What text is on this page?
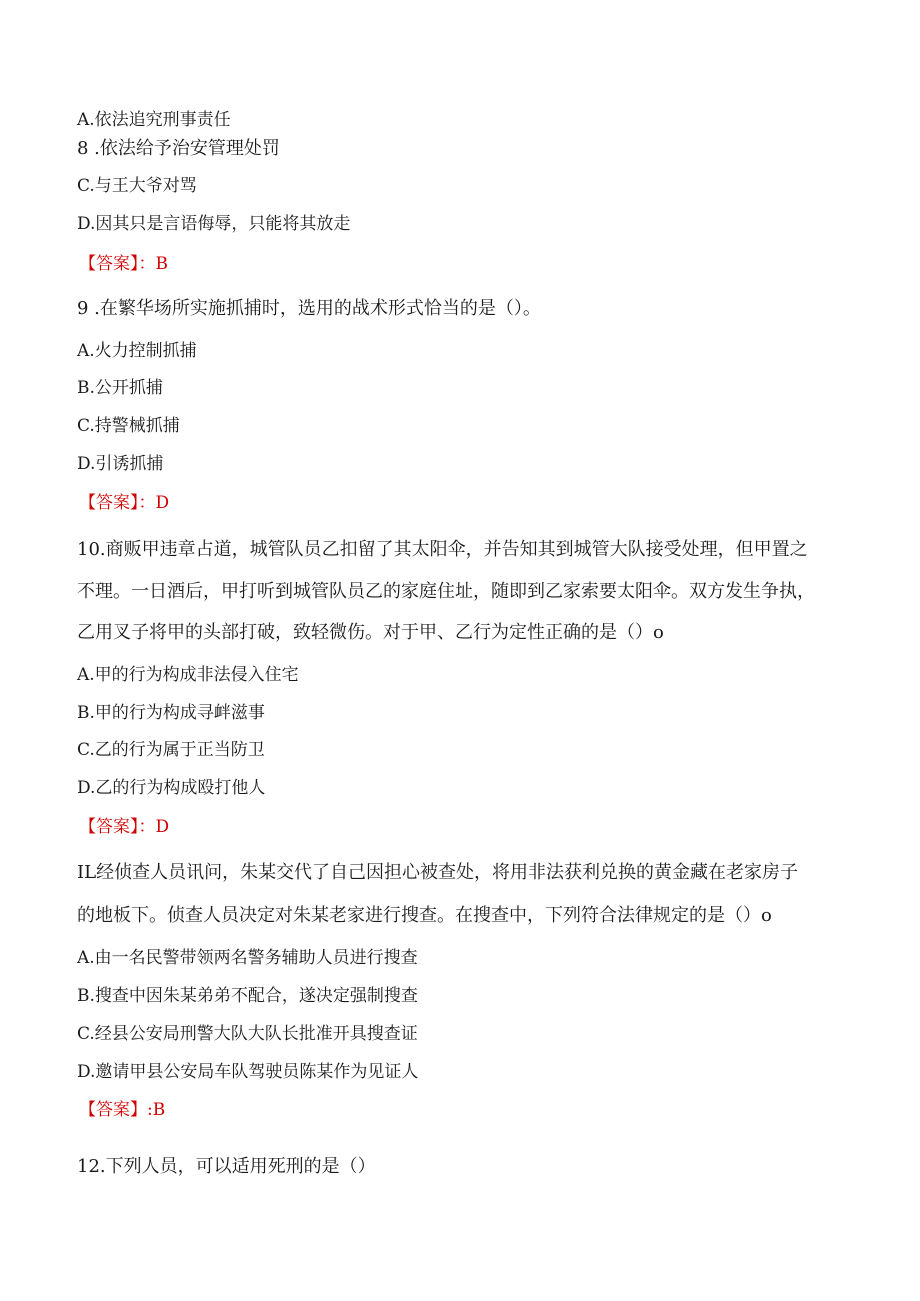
A.依法追究刑事责任
8 .依法给予治安管理处罚
C.与王大爷对骂
D.因其只是言语侮辱，只能将其放走
【答案】：B
9 .在繁华场所实施抓捕时，选用的战术形式恰当的是（）。
A.火力控制抓捕
B.公开抓捕
C.持警械抓捕
D.引诱抓捕
【答案】：D
10.商贩甲违章占道，城管队员乙扣留了其太阳伞，并告知其到城管大队接受处理，但甲置之
不理。一日酒后，甲打听到城管队员乙的家庭住址，随即到乙家索要太阳伞。双方发生争执，
乙用叉子将甲的头部打破，致轻微伤。对于甲、乙行为定性正确的是（）o
A.甲的行为构成非法侵入住宅
B.甲的行为构成寻衅滋事
C.乙的行为属于正当防卫
D.乙的行为构成殴打他人
【答案】：D
IL经侦查人员讯问，朱某交代了自己因担心被查处，将用非法获利兑换的黄金藏在老家房子
的地板下。侦查人员决定对朱某老家进行搜查。在搜查中，下列符合法律规定的是（）o
A.由一名民警带领两名警务辅助人员进行搜查
B.搜查中因朱某弟弟不配合，遂决定强制搜查
C.经县公安局刑警大队大队长批准开具搜查证
D.邀请甲县公安局车队驾驶员陈某作为见证人
【答案】:B
12.下列人员，可以适用死刑的是（）
